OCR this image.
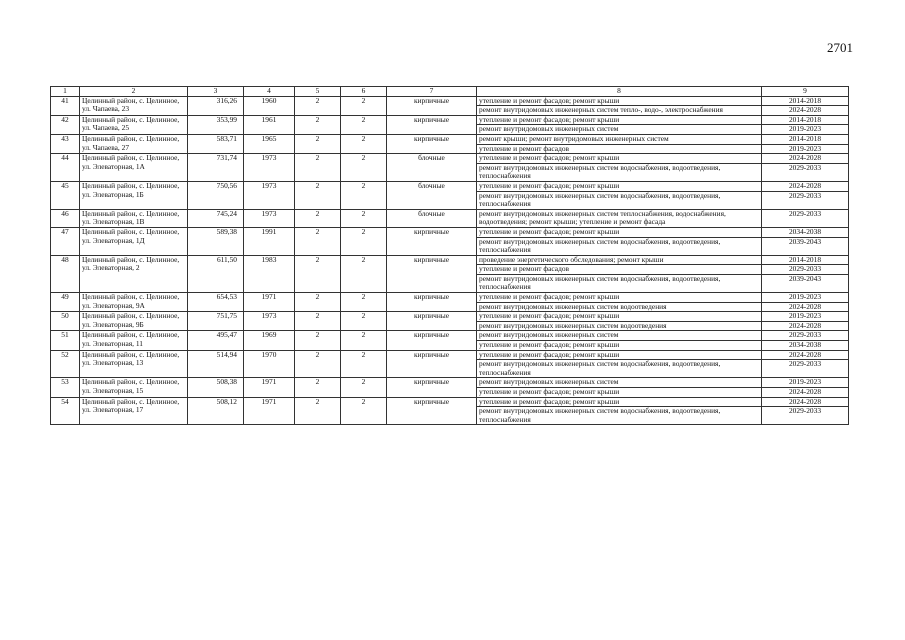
2701
1	2	3	4	5	6	7	8	9
41	Целинный район, с. Целинное, ул. Чапаева, 23	316,26	1960	2	2	кирпичные	утепление и ремонт фасадов; ремонт крыши	2014-2018
							ремонт внутридомовых инженерных систем тепло-, водо-, электроснабжения	2024-2028
42	Целинный район, с. Целинное, ул. Чапаева, 25	353,99	1961	2	2	кирпичные	утепление и ремонт фасадов; ремонт крыши	2014-2018
							ремонт внутридомовых инженерных систем	2019-2023
43	Целинный район, с. Целинное, ул. Чапаева, 27	583,71	1965	2	2	кирпичные	ремонт крыши; ремонт внутридомовых инженерных систем	2014-2018
							утепление и ремонт фасадов	2019-2023
44	Целинный район, с. Целинное, ул. Элеваторная, 1А	731,74	1973	2	2	блочные	утепление и ремонт фасадов; ремонт крыши	2024-2028
							ремонт внутридомовых инженерных систем водоснабжения, водоотведения, теплоснабжения	2029-2033
45	Целинный район, с. Целинное, ул. Элеваторная, 1Б	750,56	1973	2	2	блочные	утепление и ремонт фасадов; ремонт крыши	2024-2028
							ремонт внутридомовых инженерных систем водоснабжения, водоотведения, теплоснабжения	2029-2033
46	Целинный район, с. Целинное, ул. Элеваторная, 1В	745,24	1973	2	2	блочные	ремонт внутридомовых инженерных систем теплоснабжения, водоснабжения, водоотведения; ремонт крыши; утепление и ремонт фасада	2029-2033
47	Целинный район, с. Целинное, ул. Элеваторная, 1Д	589,38	1991	2	2	кирпичные	утепление и ремонт фасадов; ремонт крыши	2034-2038
							ремонт внутридомовых инженерных систем водоснабжения, водоотведения, теплоснабжения	2039-2043
48	Целинный район, с. Целинное, ул. Элеваторная, 2	611,50	1983	2	2	кирпичные	проведение энергетического обследования; ремонт крыши	2014-2018
							утепление и ремонт фасадов	2029-2033
							ремонт внутридомовых инженерных систем водоснабжения, водоотведения, теплоснабжения	2039-2043
49	Целинный район, с. Целинное, ул. Элеваторная, 9А	654,53	1971	2	2	кирпичные	утепление и ремонт фасадов; ремонт крыши	2019-2023
							ремонт внутридомовых инженерных систем водоотведения	2024-2028
50	Целинный район, с. Целинное, ул. Элеваторная, 9Б	751,75	1973	2	2	кирпичные	утепление и ремонт фасадов; ремонт крыши	2019-2023
							ремонт внутридомовых инженерных систем водоотведения	2024-2028
51	Целинный район, с. Целинное, ул. Элеваторная, 11	495,47	1969	2	2	кирпичные	ремонт внутридомовых инженерных систем	2029-2033
							утепление и ремонт фасадов; ремонт крыши	2034-2038
52	Целинный район, с. Целинное, ул. Элеваторная, 13	514,94	1970	2	2	кирпичные	утепление и ремонт фасадов; ремонт крыши	2024-2028
							ремонт внутридомовых инженерных систем водоснабжения, водоотведения, теплоснабжения	2029-2033
53	Целинный район, с. Целинное, ул. Элеваторная, 15	508,38	1971	2	2	кирпичные	ремонт внутридомовых инженерных систем	2019-2023
							утепление и ремонт фасадов; ремонт крыши	2024-2028
54	Целинный район, с. Целинное, ул. Элеваторная, 17	508,12	1971	2	2	кирпичные	утепление и ремонт фасадов; ремонт крыши	2024-2028
							ремонт внутридомовых инженерных систем водоснабжения, водоотведения, теплоснабжения	2029-2033
